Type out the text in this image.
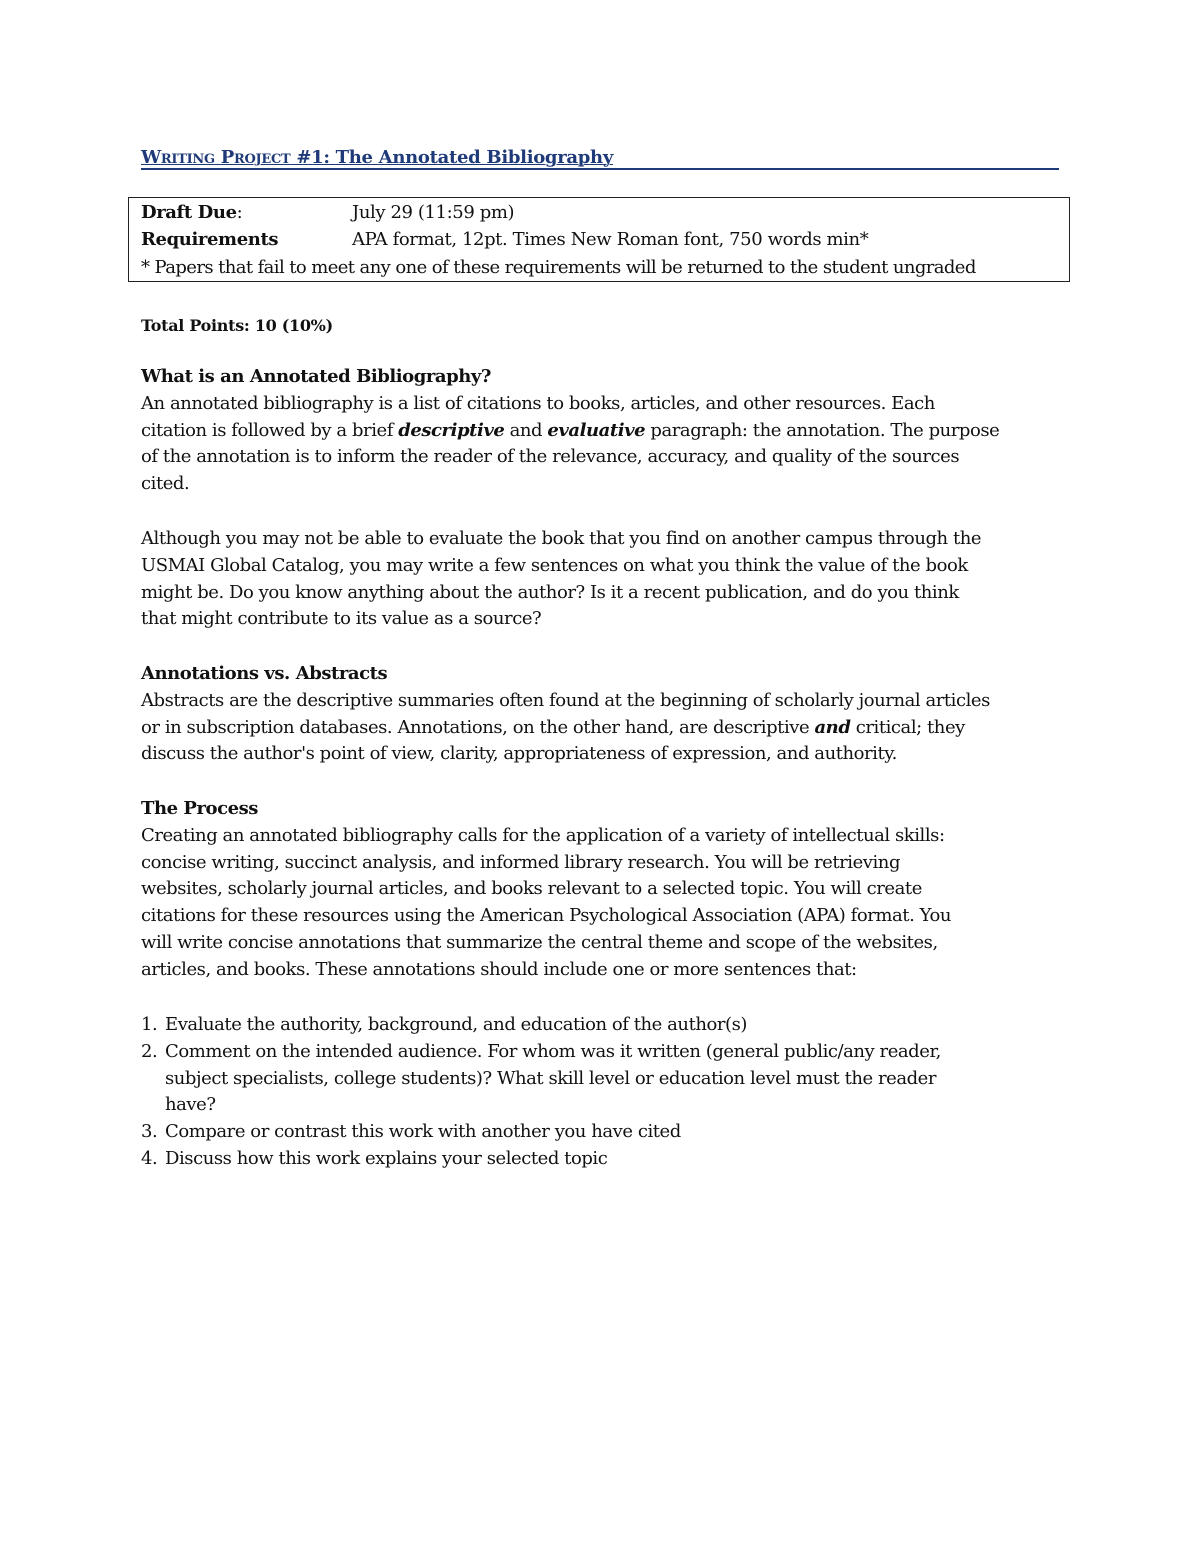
Writing Project #1: The Annotated Bibliography
Draft Due:	July 29 (11:59 pm)
Requirements	APA format, 12pt. Times New Roman font, 750 words min*
* Papers that fail to meet any one of these requirements will be returned to the student ungraded
Total Points: 10 (10%)
What is an Annotated Bibliography?
An annotated bibliography is a list of citations to books, articles, and other resources. Each
citation is followed by a brief descriptive and evaluative paragraph: the annotation. The purpose
of the annotation is to inform the reader of the relevance, accuracy, and quality of the sources
cited.
Although you may not be able to evaluate the book that you find on another campus through the
USMAI Global Catalog, you may write a few sentences on what you think the value of the book
might be. Do you know anything about the author? Is it a recent publication, and do you think
that might contribute to its value as a source?
Annotations vs. Abstracts
Abstracts are the descriptive summaries often found at the beginning of scholarly journal articles
or in subscription databases. Annotations, on the other hand, are descriptive and critical; they
discuss the author's point of view, clarity, appropriateness of expression, and authority.
The Process
Creating an annotated bibliography calls for the application of a variety of intellectual skills:
concise writing, succinct analysis, and informed library research. You will be retrieving
websites, scholarly journal articles, and books relevant to a selected topic. You will create
citations for these resources using the American Psychological Association (APA) format. You
will write concise annotations that summarize the central theme and scope of the websites,
articles, and books. These annotations should include one or more sentences that:
1. Evaluate the authority, background, and education of the author(s)
2. Comment on the intended audience. For whom was it written (general public/any reader,
subject specialists, college students)? What skill level or education level must the reader
have?
3. Compare or contrast this work with another you have cited
4. Discuss how this work explains your selected topic
